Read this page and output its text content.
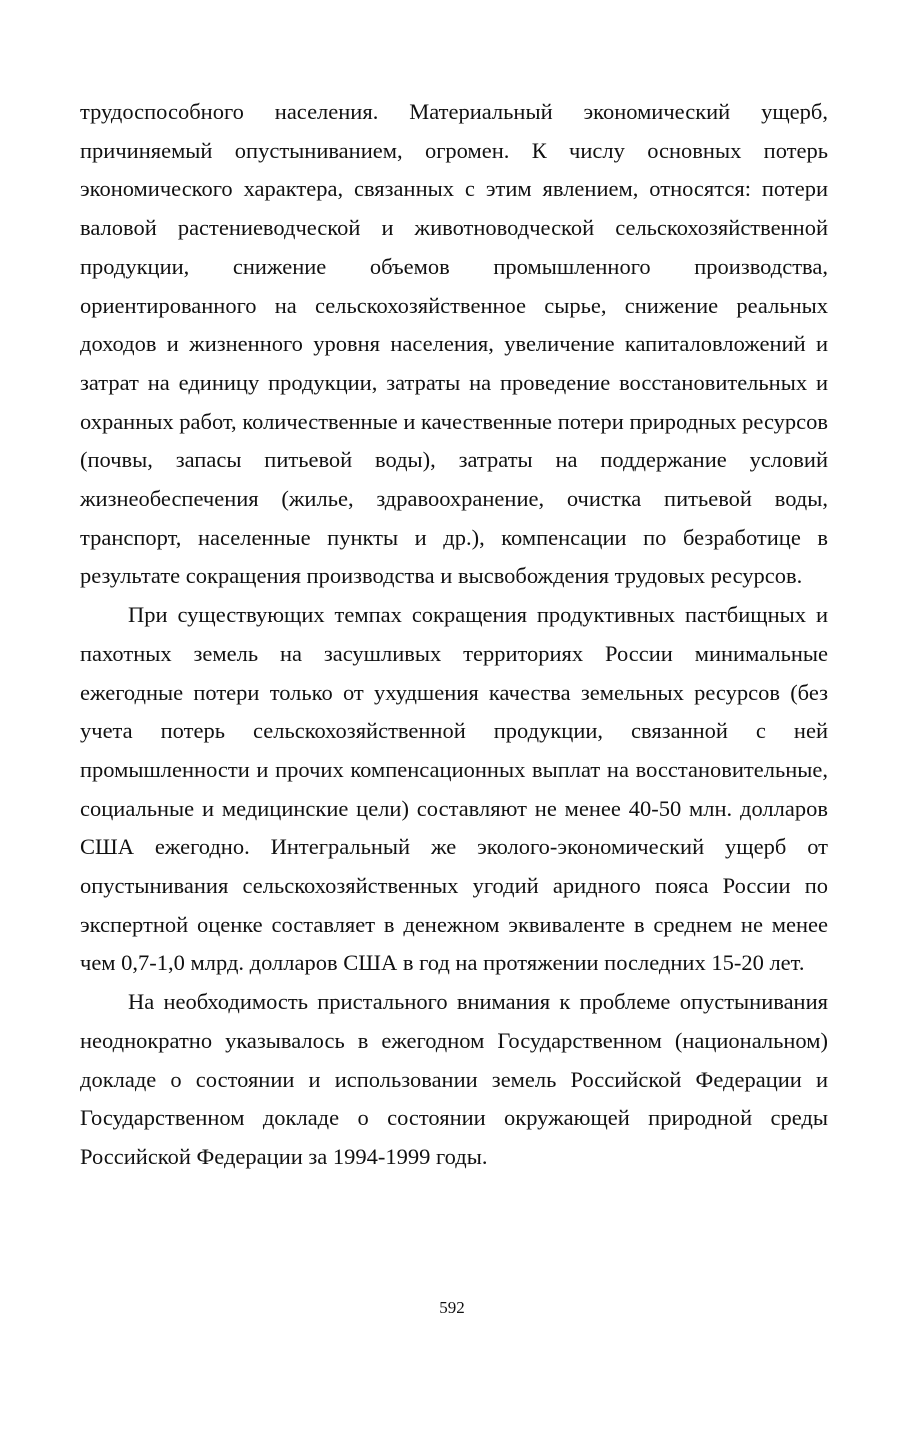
трудоспособного населения. Материальный экономический ущерб, причиняемый опустыниванием, огромен. К числу основных потерь экономического характера, связанных с этим явлением, относятся: потери валовой растениеводческой и животноводческой сельскохозяйственной продукции, снижение объемов промышленного производства, ориентированного на сельскохозяйственное сырье, снижение реальных доходов и жизненного уровня населения, увеличение капиталовложений и затрат на единицу продукции, затраты на проведение восстановительных и охранных работ, количественные и качественные потери природных ресурсов (почвы, запасы питьевой воды), затраты на поддержание условий жизнеобеспечения (жилье, здравоохранение, очистка питьевой воды, транспорт, населенные пункты и др.), компенсации по безработице в результате сокращения производства и высвобождения трудовых ресурсов.

При существующих темпах сокращения продуктивных пастбищных и пахотных земель на засушливых территориях России минимальные ежегодные потери только от ухудшения качества земельных ресурсов (без учета потерь сельскохозяйственной продукции, связанной с ней промышленности и прочих компенсационных выплат на восстановительные, социальные и медицинские цели) составляют не менее 40-50 млн. долларов США ежегодно. Интегральный же эколого-экономический ущерб от опустынивания сельскохозяйственных угодий аридного пояса России по экспертной оценке составляет в денежном эквиваленте в среднем не менее чем 0,7-1,0 млрд. долларов США в год на протяжении последних 15-20 лет.

На необходимость пристального внимания к проблеме опустынивания неоднократно указывалось в ежегодном Государственном (национальном) докладе о состоянии и использовании земель Российской Федерации и Государственном докладе о состоянии окружающей природной среды Российской Федерации за 1994-1999 годы.

592
